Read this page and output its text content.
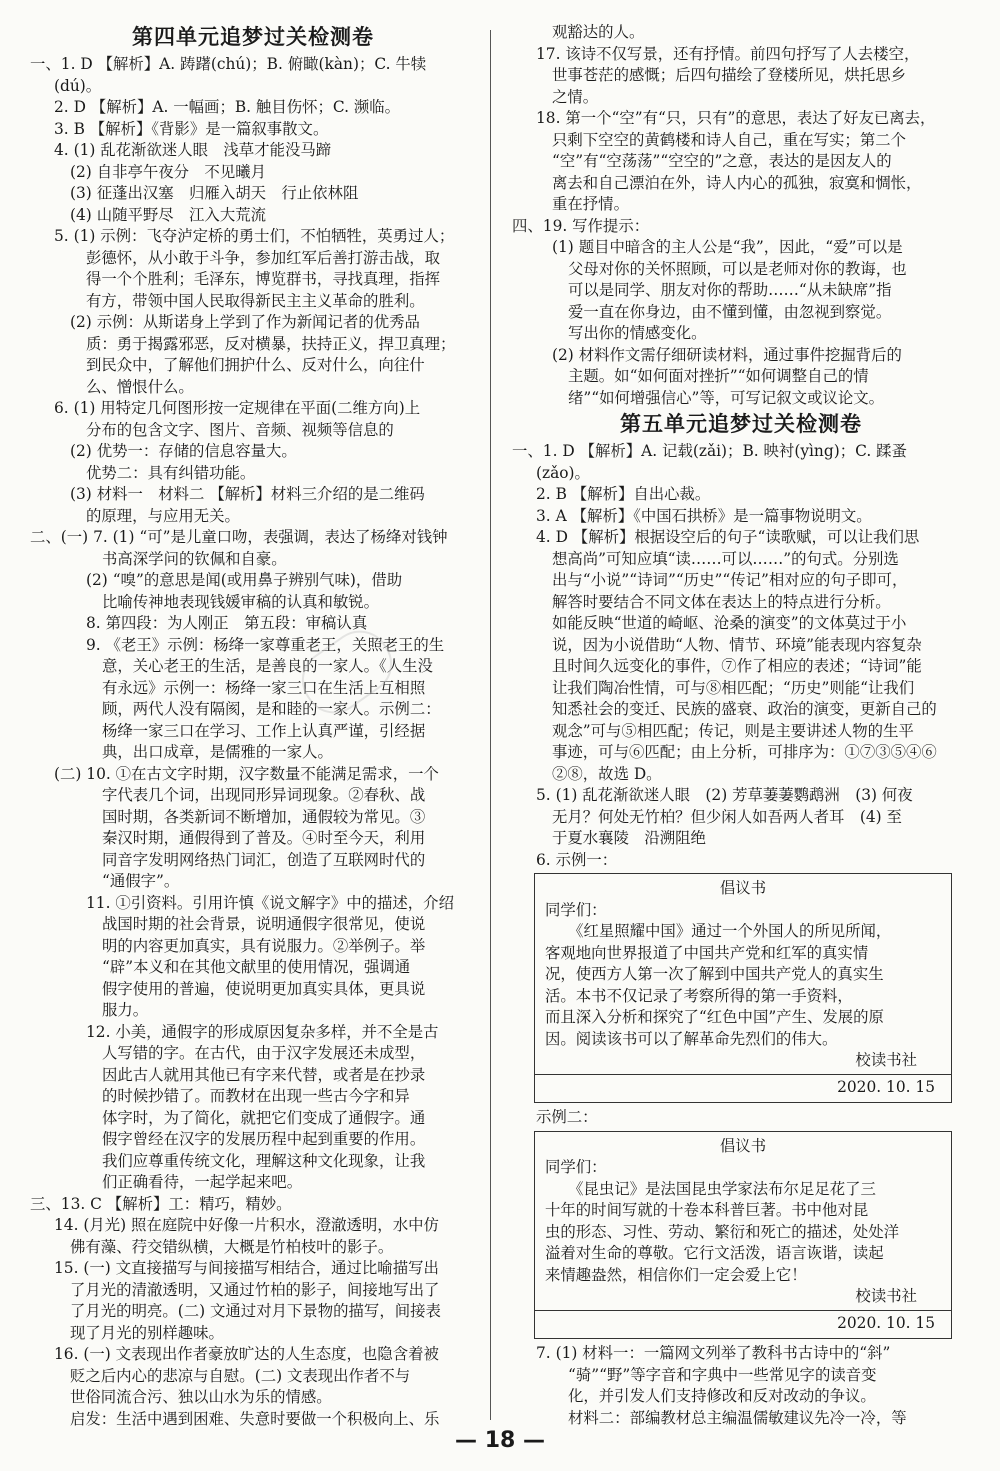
第四单元追梦过关检测卷
一、1. D 【解析】A. 踌躇(chú)；B. 俯瞰(kàn)；C. 牛犊
(dú)。
2. D 【解析】A. 一幅画；B. 触目伤怀；C. 濒临。
3. B 【解析】《背影》是一篇叙事散文。
4. (1) 乱花渐欲迷人眼　浅草才能没马蹄
(2) 自非亭午夜分　不见曦月
(3) 征蓬出汉塞　归雁入胡天　行止依林阻
(4) 山随平野尽　江入大荒流
5. (1) 示例：飞夺泸定桥的勇士们，不怕牺牲，英勇过人；
彭德怀，从小敢于斗争，参加红军后善打游击战，取
得一个个胜利；毛泽东，博览群书，寻找真理，指挥
有方，带领中国人民取得新民主主义革命的胜利。
(2) 示例：从斯诺身上学到了作为新闻记者的优秀品
质：勇于揭露邪恶，反对横暴，扶持正义，捍卫真理；
到民众中，了解他们拥护什么、反对什么，向往什
么、憎恨什么。
6. (1) 用特定几何图形按一定规律在平面(二维方向)上
分布的包含文字、图片、音频、视频等信息的
(2) 优势一：存储的信息容量大。
优势二：具有纠错功能。
(3) 材料一　材料二 【解析】材料三介绍的是二维码
的原理，与应用无关。
二、(一) 7. (1) “可”是儿童口吻，表强调，表达了杨绛对钱钟
书高深学问的钦佩和自豪。
(2) “嗅”的意思是闻(或用鼻子辨别气味)，借助
比喻传神地表现钱媛审稿的认真和敏锐。
8. 第四段：为人刚正　第五段：审稿认真
9. 《老王》示例：杨绛一家尊重老王，关照老王的生
意，关心老王的生活，是善良的一家人。《人生没
有永远》示例一：杨绛一家三口在生活上互相照
顾，两代人没有隔阂，是和睦的一家人。示例二：
杨绛一家三口在学习、工作上认真严谨，引经据
典，出口成章，是儒雅的一家人。
(二) 10. ①在古文字时期，汉字数量不能满足需求，一个
字代表几个词，出现同形异词现象。②春秋、战
国时期，各类新词不断增加，通假较为常见。③
秦汉时期，通假得到了普及。④时至今天，利用
同音字发明网络热门词汇，创造了互联网时代的
“通假字”。
11. ①引资料。引用许慎《说文解字》中的描述，介绍
战国时期的社会背景，说明通假字很常见，使说
明的内容更加真实，具有说服力。②举例子。举
“辟”本义和在其他文献里的使用情况，强调通
假字使用的普遍，使说明更加真实具体，更具说
服力。
12. 小美，通假字的形成原因复杂多样，并不全是古
人写错的字。在古代，由于汉字发展还未成型，
因此古人就用其他已有字来代替，或者是在抄录
的时候抄错了。而教材在出现一些古今字和异
体字时，为了简化，就把它们变成了通假字。通
假字曾经在汉字的发展历程中起到重要的作用。
我们应尊重传统文化，理解这种文化现象，让我
们正确看待，一起学起来吧。
三、13. C 【解析】工：精巧，精妙。
14. (月光) 照在庭院中好像一片积水，澄澈透明，水中仿
佛有藻、荇交错纵横，大概是竹柏枝叶的影子。
15. (一) 文直接描写与间接描写相结合，通过比喻描写出
了月光的清澈透明，又通过竹柏的影子，间接地写出了
了月光的明亮。(二) 文通过对月下景物的描写，间接表
现了月光的别样趣味。
16. (一) 文表现出作者豪放旷达的人生态度，也隐含着被
贬之后内心的悲凉与自慰。(二) 文表现出作者不与
世俗同流合污、独以山水为乐的情感。
启发：生活中遇到困难、失意时要做一个积极向上、乐
观豁达的人。
17. 该诗不仅写景，还有抒情。前四句抒写了人去楼空，
世事苍茫的感慨；后四句描绘了登楼所见，烘托思乡
之情。
18. 第一个“空”有“只，只有”的意思，表达了好友已离去，
只剩下空空的黄鹤楼和诗人自己，重在写实；第二个
“空”有“空荡荡”“空空的”之意，表达的是因友人的
离去和自己漂泊在外，诗人内心的孤独，寂寞和惆怅，
重在抒情。
四、19. 写作提示：
(1) 题目中暗含的主人公是“我”，因此，“爱”可以是
父母对你的关怀照顾，可以是老师对你的教诲，也
可以是同学、朋友对你的帮助……“从未缺席”指
爱一直在你身边，由不懂到懂，由忽视到察觉。
写出你的情感变化。
(2) 材料作文需仔细研读材料，通过事件挖掘背后的
主题。如“如何面对挫折”“如何调整自己的情
绪”“如何增强信心”等，可写记叙文或议论文。
第五单元追梦过关检测卷
一、1. D 【解析】A. 记载(zǎi)；B. 映衬(yìng)；C. 蹂蚤
(zǎo)。
2. B 【解析】自出心裁。
3. A 【解析】《中国石拱桥》是一篇事物说明文。
4. D 【解析】根据设空后的句子“读歌赋，可以让我们思
想高尚”可知应填“读……可以……”的句式。分别选
出与“小说”“诗词”“历史”“传记”相对应的句子即可，
解答时要结合不同文体在表达上的特点进行分析。
如能反映“世道的崎岖、沧桑的演变”的文体莫过于小
说，因为小说借助“人物、情节、环境”能表现内容复杂
且时间久远变化的事件，⑦作了相应的表述；“诗词”能
让我们陶冶性情，可与⑧相匹配；“历史”则能“让我们
知悉社会的变迁、民族的盛衰、政治的演变，更新自己的
观念”可与⑤相匹配；传记，则是主要讲述人物的生平
事迹，可与⑥匹配；由上分析，可排序为：①⑦③⑤④⑥
②⑧，故选 D。
5. (1) 乱花渐欲迷人眼　(2) 芳草萋萋鹦鹉洲　(3) 何夜
无月？何处无竹柏？但少闲人如吾两人者耳　(4) 至
于夏水襄陵　沿溯阻绝
6. 示例一：
倡议书
同学们：
　　《红星照耀中国》通过一个外国人的所见所闻，
客观地向世界报道了中国共产党和红军的真实情
况，使西方人第一次了解到中国共产党人的真实生
活。本书不仅记录了考察所得的第一手资料，
而且深入分析和探究了“红色中国”产生、发展的原
因。阅读该书可以了解革命先烈们的伟大。
校读书社
2020. 10. 15
示例二：
倡议书
同学们：
　　《昆虫记》是法国昆虫学家法布尔足足花了三
十年的时间写就的十卷本科普巨著。书中他对昆
虫的形态、习性、劳动、繁衍和死亡的描述，处处洋
溢着对生命的尊敬。它行文活泼，语言诙谐，读起
来情趣盎然，相信你们一定会爱上它！
校读书社
2020. 10. 15
7. (1) 材料一：一篇网文列举了教科书古诗中的“斜”
“骑”“野”等字音和字典中一些常见字的读音变
化，并引发人们支持修改和反对改动的争议。
材料二：部编教材总主编温儒敏建议先冷一冷，等
— 18 —
